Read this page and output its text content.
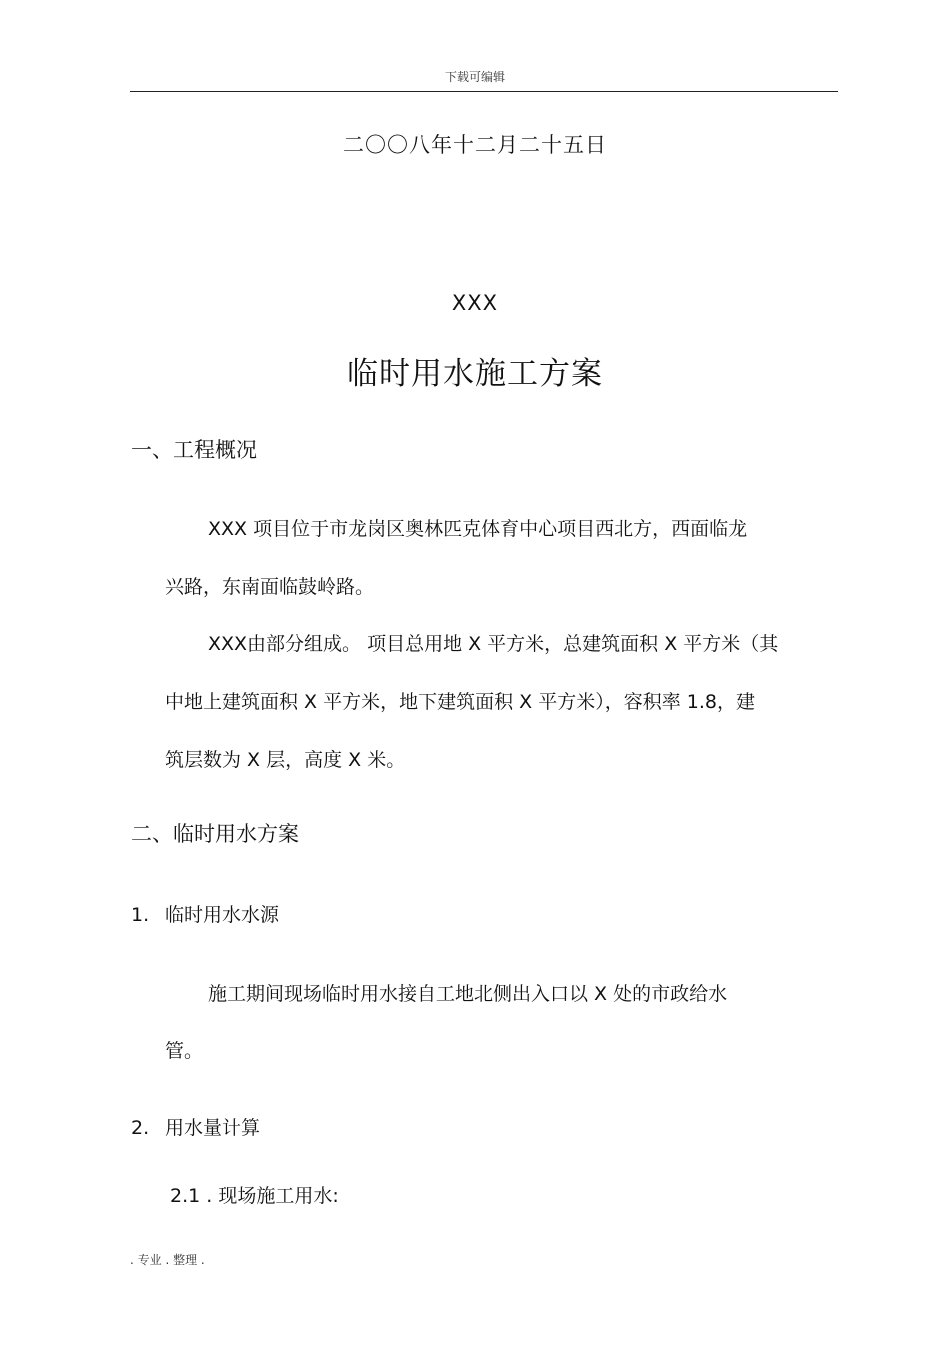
下载可编辑
二〇〇八年十二月二十五日
XXX
临时用水施工方案
一、工程概况
XXX 项目位于市龙岗区奥林匹克体育中心项目西北方，西面临龙
兴路，东南面临鼓岭路。
XXX由部分组成。 项目总用地 X 平方米，总建筑面积 X 平方米（其
中地上建筑面积 X 平方米，地下建筑面积 X 平方米），容积率 1.8，建
筑层数为 X 层，高度 X 米。
二、临时用水方案
1. 临时用水水源
施工期间现场临时用水接自工地北侧出入口以 X 处的市政给水
管。
2. 用水量计算
2.1 . 现场施工用水:
. 专业 . 整理 .
